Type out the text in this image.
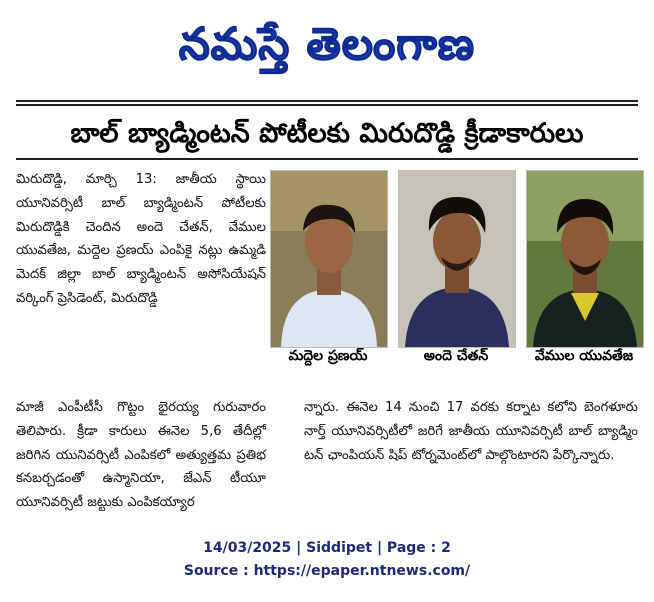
నమస్తే తెలంగాణ
బాల్ బ్యాడ్మింటన్ పోటీలకు మిరుదొడ్డి క్రీడాకారులు
మిరుదొడ్డి, మార్చి 13: జాతీయ స్థాయి యూనివర్సిటీ బాల్ బ్యాడ్మింటన్ పోటీలకు మిరుదొడ్డికి చెందిన అందె చేతన్, వేముల యువతేజ, మద్దెల ప్రణయ్ ఎంపికై నట్లు ఉమ్మడి మెదక్ జిల్లా బాల్ బ్యాడ్మింటన్ అసోసియేషన్ వర్కింగ్ ప్రెసిడెంట్, మిరుదొడ్డి
మాజీ ఎంపీటీసీ గొట్టం భైరయ్య గురువారం తెలిపారు. క్రీడా కారులు ఈనెల 5,6 తేదీల్లో జరిగిన యునివర్సిటీ ఎంపికలో అత్యుత్తమ ప్రతిభ కనబర్చడంతో ఉస్మానియా, జేఎన్ టీయూ యూనివర్సిటీ జట్టుకు ఎంపికయ్యార
న్నారు. ఈనెల 14 నుంచి 17 వరకు కర్నాట కలోని బెంగళూరు నార్త్ యూనివర్సిటీలో జరిగే జాతీయ యూనివర్సిటీ బాల్ బ్యాడ్మిం టన్ ఛాంపియన్ షిప్ టోర్నమెంట్‌లో పాల్గొంటారని పేర్కొన్నారు.
మద్దెల ప్రణయ్	అందె చేతన్	వేముల యువతేజ
14/03/2025 | Siddipet | Page : 2
Source : https://epaper.ntnews.com/
